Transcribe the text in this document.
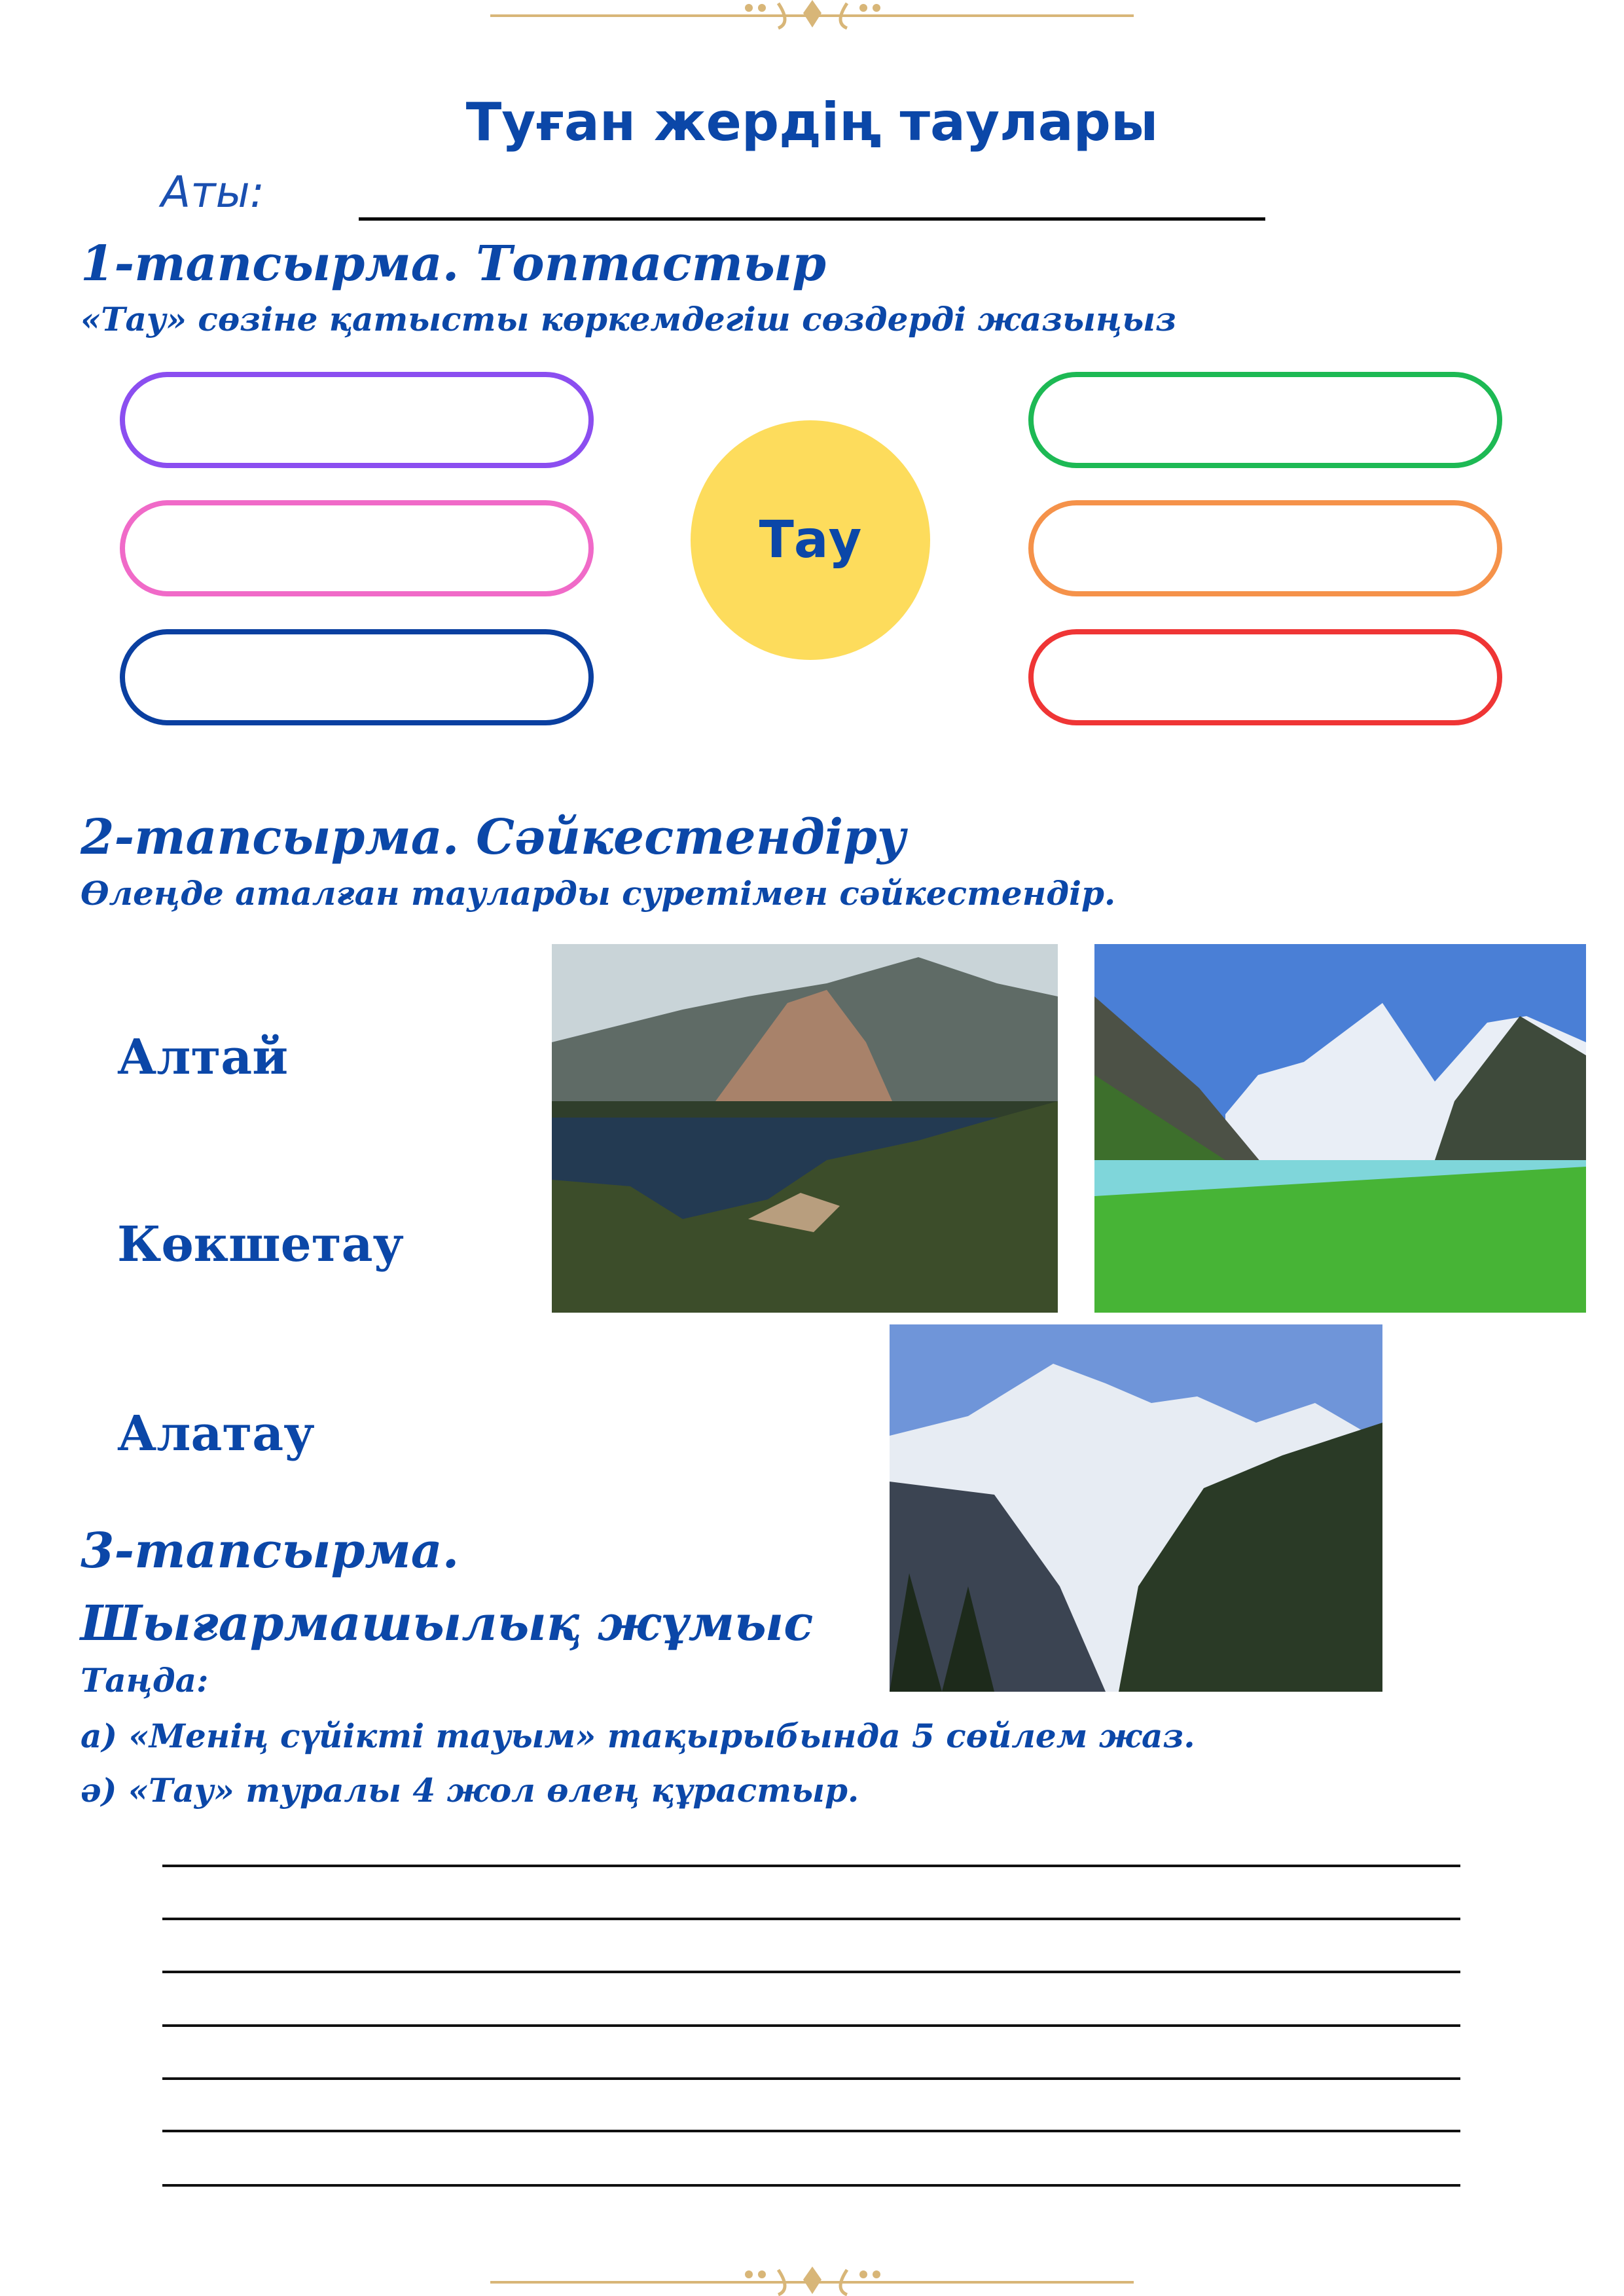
Туған жердің таулары
Аты:
1-тапсырма. Топтастыр
«Тау» сөзіне қатысты көркемдегіш сөздерді жазыңыз
Тау
2-тапсырма. Сәйкестендіру
Өлеңде аталған тауларды суретімен сәйкестендір.
Алтай
Көкшетау
Алатау
3-тапсырма.
Шығармашылық жұмыс
Таңда:
а) «Менің сүйікті тауым» тақырыбында 5 сөйлем жаз.
ә) «Тау» туралы 4 жол өлең құрастыр.
